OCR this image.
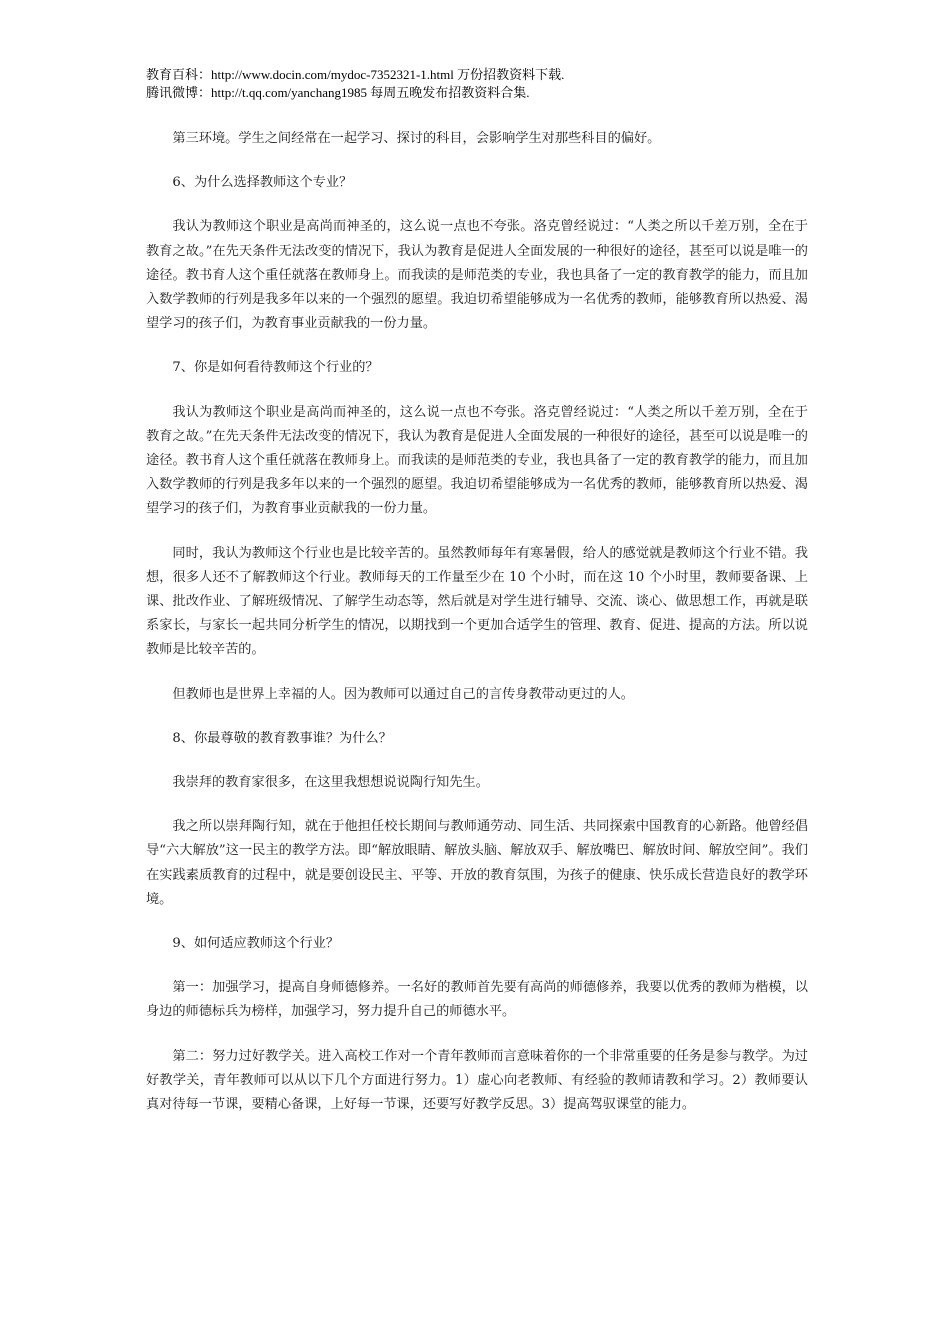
教育百科：http://www.docin.com/mydoc-7352321-1.html 万份招教资料下载.
腾讯微博：http://t.qq.com/yanchang1985 每周五晚发布招教资料合集.

第三环境。学生之间经常在一起学习、探讨的科目，会影响学生对那些科目的偏好。

6、为什么选择教师这个专业？

我认为教师这个职业是高尚而神圣的，这么说一点也不夸张。洛克曾经说过：“人类之所以千差万别，全在于教育之故。”在先天条件无法改变的情况下，我认为教育是促进人全面发展的一种很好的途径，甚至可以说是唯一的途径。教书育人这个重任就落在教师身上。而我读的是师范类的专业，我也具备了一定的教育教学的能力，而且加入数学教师的行列是我多年以来的一个强烈的愿望。我迫切希望能够成为一名优秀的教师，能够教育所以热爱、渴望学习的孩子们，为教育事业贡献我的一份力量。

7、你是如何看待教师这个行业的？

我认为教师这个职业是高尚而神圣的，这么说一点也不夸张。洛克曾经说过：“人类之所以千差万别，全在于教育之故。”在先天条件无法改变的情况下，我认为教育是促进人全面发展的一种很好的途径，甚至可以说是唯一的途径。教书育人这个重任就落在教师身上。而我读的是师范类的专业，我也具备了一定的教育教学的能力，而且加入数学教师的行列是我多年以来的一个强烈的愿望。我迫切希望能够成为一名优秀的教师，能够教育所以热爱、渴望学习的孩子们，为教育事业贡献我的一份力量。

同时，我认为教师这个行业也是比较辛苦的。虽然教师每年有寒暑假，给人的感觉就是教师这个行业不错。我想，很多人还不了解教师这个行业。教师每天的工作量至少在 10 个小时，而在这 10 个小时里，教师要备课、上课、批改作业、了解班级情况、了解学生动态等，然后就是对学生进行辅导、交流、谈心、做思想工作，再就是联系家长，与家长一起共同分析学生的情况，以期找到一个更加合适学生的管理、教育、促进、提高的方法。所以说教师是比较辛苦的。

但教师也是世界上幸福的人。因为教师可以通过自己的言传身教带动更过的人。

8、你最尊敬的教育教事谁？为什么？

我崇拜的教育家很多，在这里我想想说说陶行知先生。

我之所以崇拜陶行知，就在于他担任校长期间与教师通劳动、同生活、共同探索中国教育的心新路。他曾经倡导“六大解放”这一民主的教学方法。即“解放眼睛、解放头脑、解放双手、解放嘴巴、解放时间、解放空间”。我们在实践素质教育的过程中，就是要创设民主、平等、开放的教育氛围，为孩子的健康、快乐成长营造良好的教学环境。

9、如何适应教师这个行业？

第一：加强学习，提高自身师德修养。一名好的教师首先要有高尚的师德修养，我要以优秀的教师为楷模，以身边的师德标兵为榜样，加强学习，努力提升自己的师德水平。

第二：努力过好教学关。进入高校工作对一个青年教师而言意味着你的一个非常重要的任务是参与教学。为过好教学关，青年教师可以从以下几个方面进行努力。1）虚心向老教师、有经验的教师请教和学习。2）教师要认真对待每一节课，要精心备课，上好每一节课，还要写好教学反思。3）提高驾驭课堂的能力。
